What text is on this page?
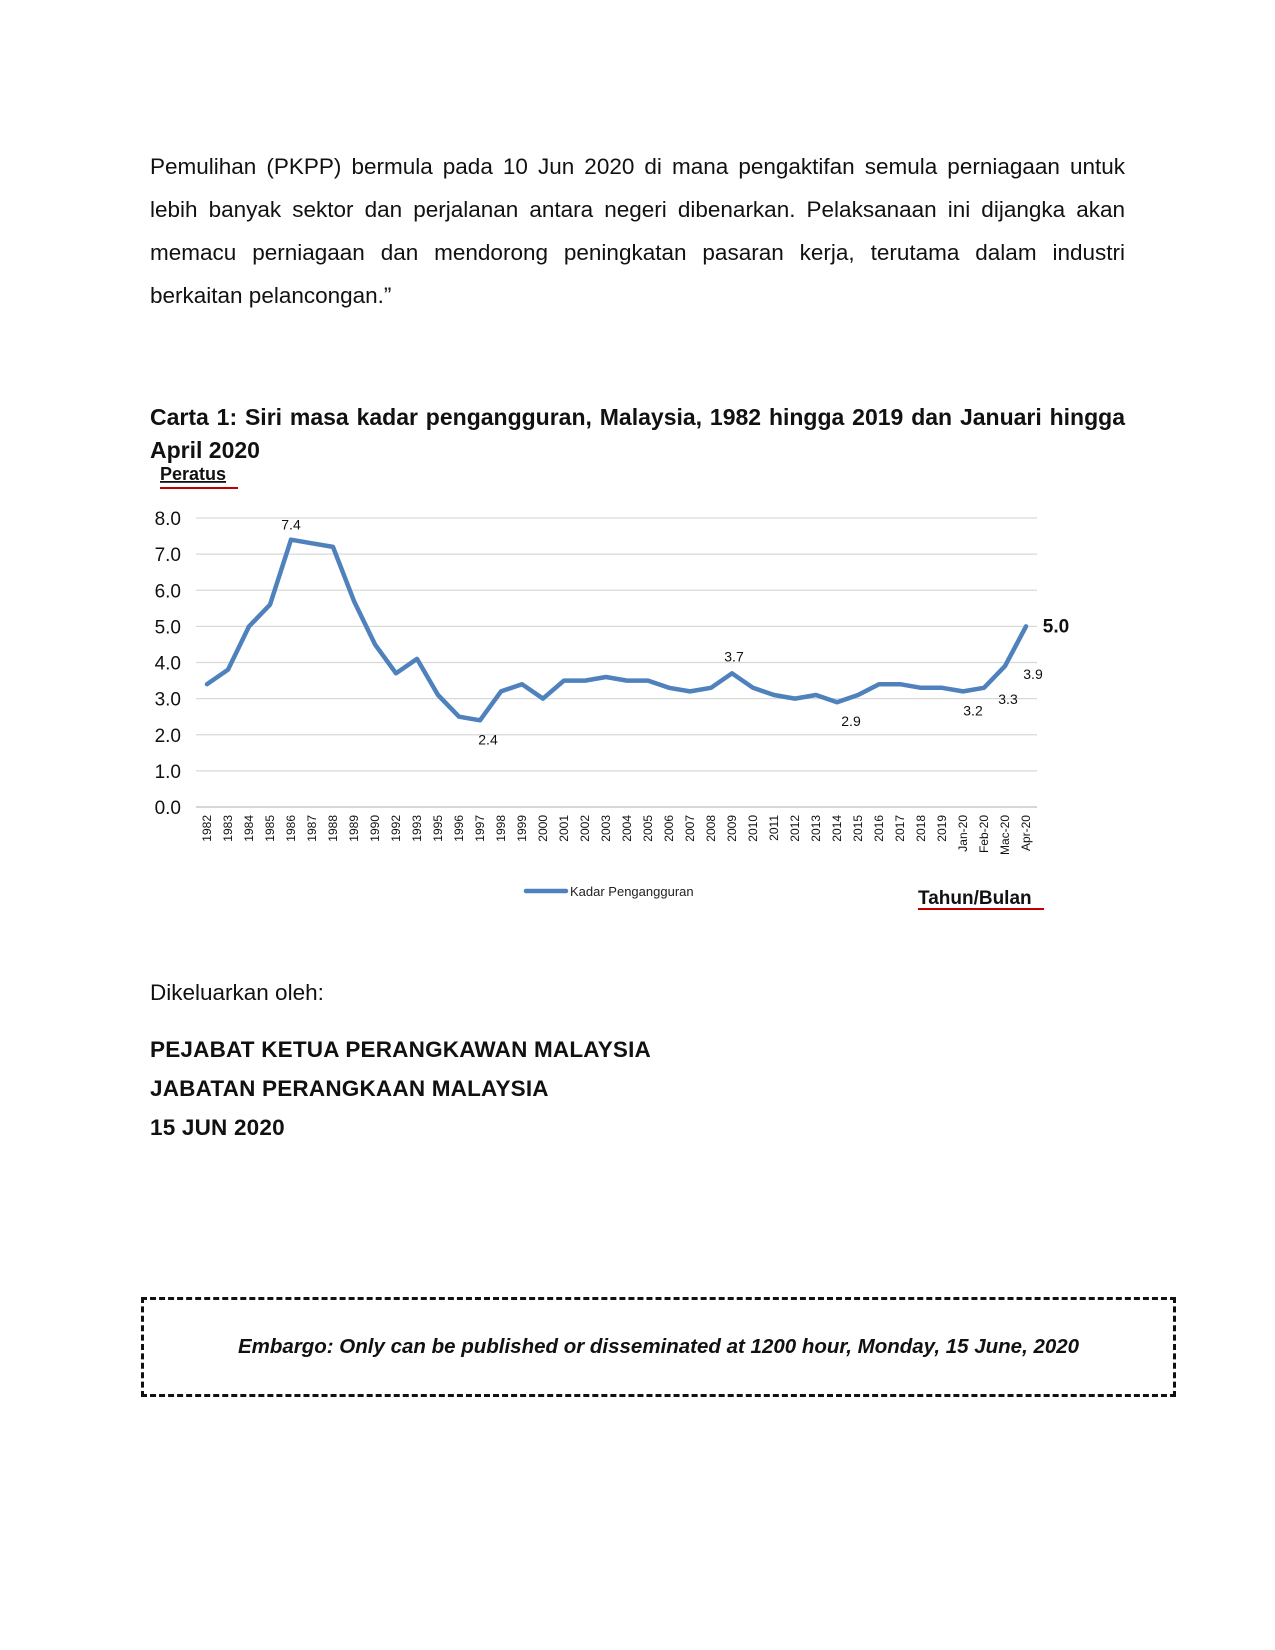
Pemulihan (PKPP) bermula pada 10 Jun 2020 di mana pengaktifan semula perniagaan untuk lebih banyak sektor dan perjalanan antara negeri dibenarkan. Pelaksanaan ini dijangka akan memacu perniagaan dan mendorong peningkatan pasaran kerja, terutama dalam industri berkaitan pelancongan.”

Carta 1: Siri masa kadar pengangguran, Malaysia, 1982 hingga 2019 dan Januari hingga April 2020

0.0
1.0
2.0
3.0
4.0
5.0
6.0
7.0
8.0
1982 1983 1984 1985 1986 1987 1988 1989 1990 1992 1993 1995 1996 1997 1998 1999 2000 2001 2002 2003 2004 2005 2006 2007 2008 2009 2010 2011 2012 2013 2014 2015 2016 2017 2018 2019 Jan-20 Feb-20 Mac-20 Apr-20
7.4
2.4
3.7
2.9
3.2
3.3
3.9
5.0
Peratus
Kadar Pengangguran	Tahun/Bulan

Dikeluarkan oleh:

PEJABAT KETUA PERANGKAWAN MALAYSIA

JABATAN PERANGKAAN MALAYSIA

15 JUN 2020

Embargo: Only can be published or disseminated at 1200 hour, Monday, 15 June, 2020
